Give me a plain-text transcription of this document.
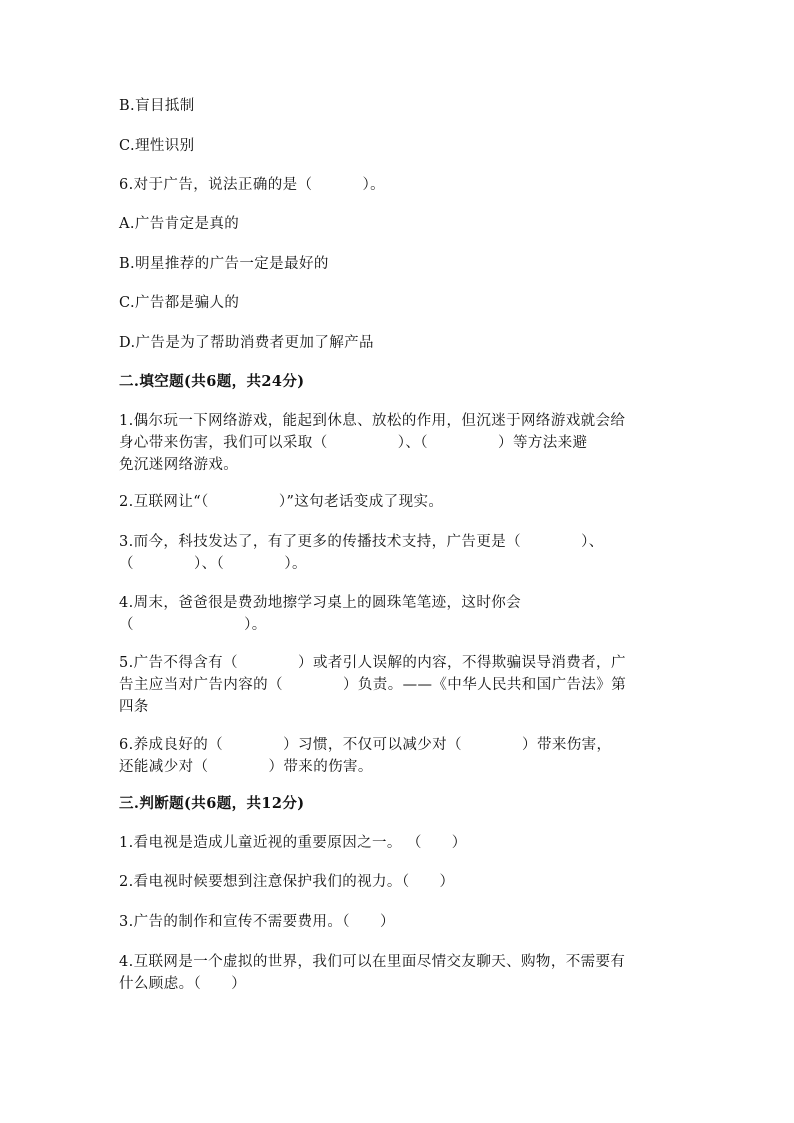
B.盲目抵制
C.理性识别
6.对于广告，说法正确的是（          ）。
A.广告肯定是真的
B.明星推荐的广告一定是最好的
C.广告都是骗人的
D.广告是为了帮助消费者更加了解产品
二.填空题(共6题，共24分)
1.偶尔玩一下网络游戏，能起到休息、放松的作用，但沉迷于网络游戏就会给
身心带来伤害，我们可以采取（              ）、（              ）等方法来避
免沉迷网络游戏。
2.互联网让“（              ）”这句老话变成了现实。
3.而今，科技发达了，有了更多的传播技术支持，广告更是（            ）、
（            ）、（            ）。
4.周末，爸爸很是费劲地擦学习桌上的圆珠笔笔迹，这时你会
（                      ）。
5.广告不得含有（            ）或者引人误解的内容，不得欺骗误导消费者，广
告主应当对广告内容的（            ）负责。——《中华人民共和国广告法》第
四条
6.养成良好的（            ）习惯，不仅可以减少对（            ）带来伤害，
还能减少对（            ）带来的伤害。
三.判断题(共6题，共12分)
1.看电视是造成儿童近视的重要原因之一。 （      ）
2.看电视时候要想到注意保护我们的视力。（      ）
3.广告的制作和宣传不需要费用。（      ）
4.互联网是一个虚拟的世界，我们可以在里面尽情交友聊天、购物，不需要有
什么顾虑。（      ）
